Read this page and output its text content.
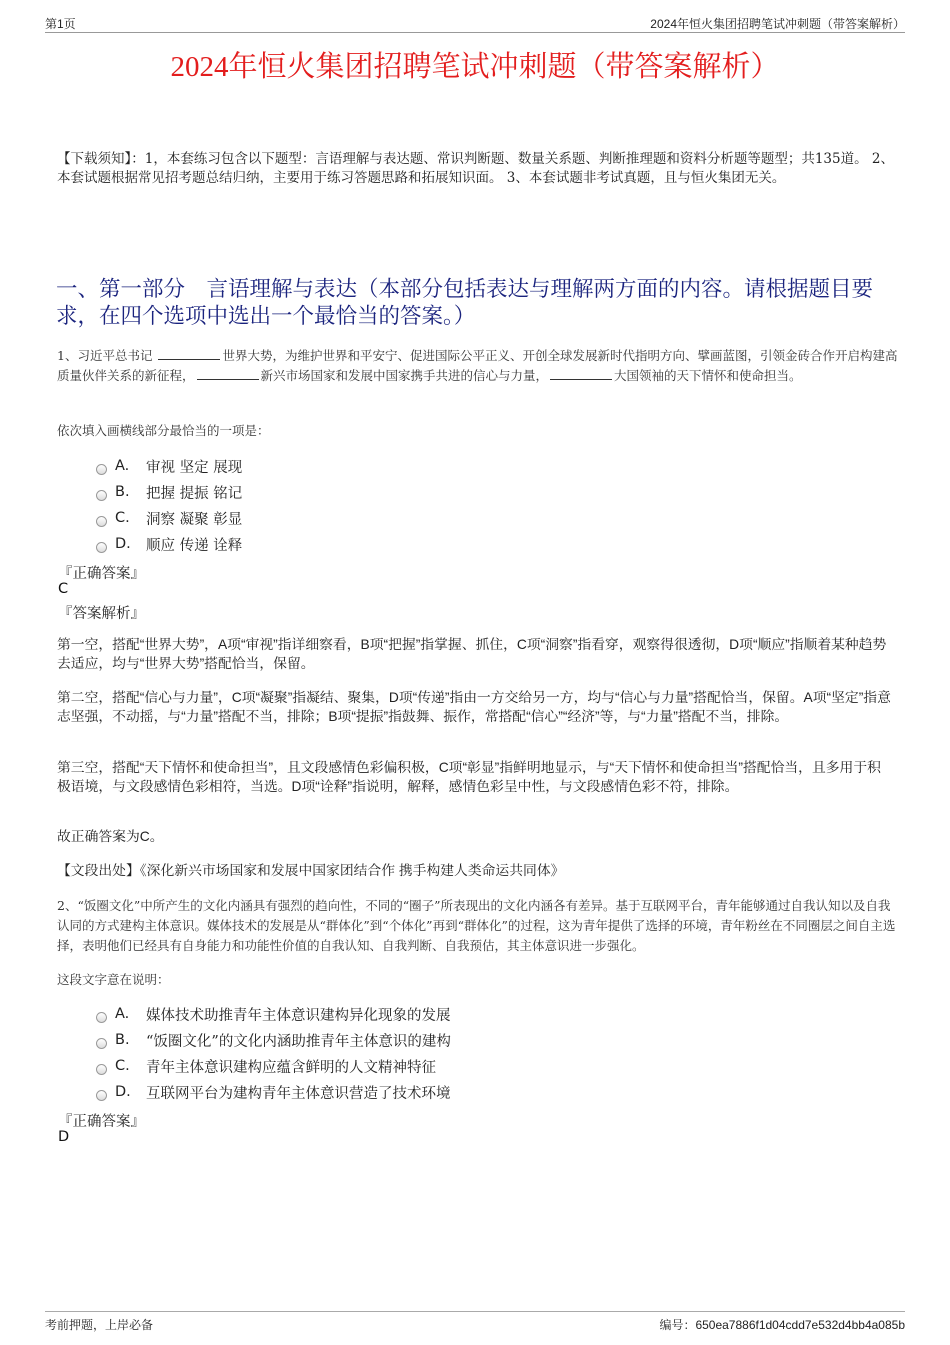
第1页	2024年恒火集团招聘笔试冲刺题（带答案解析）
2024年恒火集团招聘笔试冲刺题（带答案解析）
【下载须知】：1，本套练习包含以下题型：言语理解与表达题、常识判断题、数量关系题、判断推理题和资料分析题等题型；共135道。 2、本套试题根据常见招考题总结归纳，主要用于练习答题思路和拓展知识面。 3、本套试题非考试真题，且与恒火集团无关。
一、第一部分　言语理解与表达（本部分包括表达与理解两方面的内容。请根据题目要求，在四个选项中选出一个最恰当的答案。）
1、习近平总书记	世界大势，为维护世界和平安宁、促进国际公平正义、开创全球发展新时代指明方向、擘画蓝图，引领金砖合作开启构建高质量伙伴关系的新征程，	新兴市场国家和发展中国家携手共进的信心与力量，	大国领袖的天下情怀和使命担当。
依次填入画横线部分最恰当的一项是：
A.	审视 坚定 展现
B.	把握 提振 铭记
C.	洞察 凝聚 彰显
D.	顺应 传递 诠释
『正确答案』
C
『答案解析』
第一空，搭配“世界大势”，A项“审视”指详细察看，B项“把握”指掌握、抓住，C项“洞察”指看穿，观察得很透彻，D项“顺应”指顺着某种趋势去适应，均与“世界大势”搭配恰当，保留。
第二空，搭配“信心与力量”，C项“凝聚”指凝结、聚集，D项“传递”指由一方交给另一方，均与“信心与力量”搭配恰当，保留。A项“坚定”指意志坚强，不动摇，与“力量”搭配不当，排除；B项“提振”指鼓舞、振作，常搭配“信心”“经济”等，与“力量”搭配不当，排除。
第三空，搭配“天下情怀和使命担当”，且文段感情色彩偏积极，C项“彰显”指鲜明地显示，与“天下情怀和使命担当”搭配恰当，且多用于积极语境，与文段感情色彩相符，当选。D项“诠释”指说明，解释，感情色彩呈中性，与文段感情色彩不符，排除。
故正确答案为C。
【文段出处】《深化新兴市场国家和发展中国家团结合作 携手构建人类命运共同体》
2、“饭圈文化”中所产生的文化内涵具有强烈的趋向性，不同的“圈子”所表现出的文化内涵各有差异。基于互联网平台，青年能够通过自我认知以及自我认同的方式建构主体意识。媒体技术的发展是从“群体化”到“个体化”再到“群体化”的过程，这为青年提供了选择的环境，青年粉丝在不同圈层之间自主选择，表明他们已经具有自身能力和功能性价值的自我认知、自我判断、自我预估，其主体意识进一步强化。
这段文字意在说明：
A.	媒体技术助推青年主体意识建构异化现象的发展
B.	“饭圈文化”的文化内涵助推青年主体意识的建构
C.	青年主体意识建构应蕴含鲜明的人文精神特征
D.	互联网平台为建构青年主体意识营造了技术环境
『正确答案』
D
考前押题，上岸必备	编号：650ea7886f1d04cdd7e532d4bb4a085b
